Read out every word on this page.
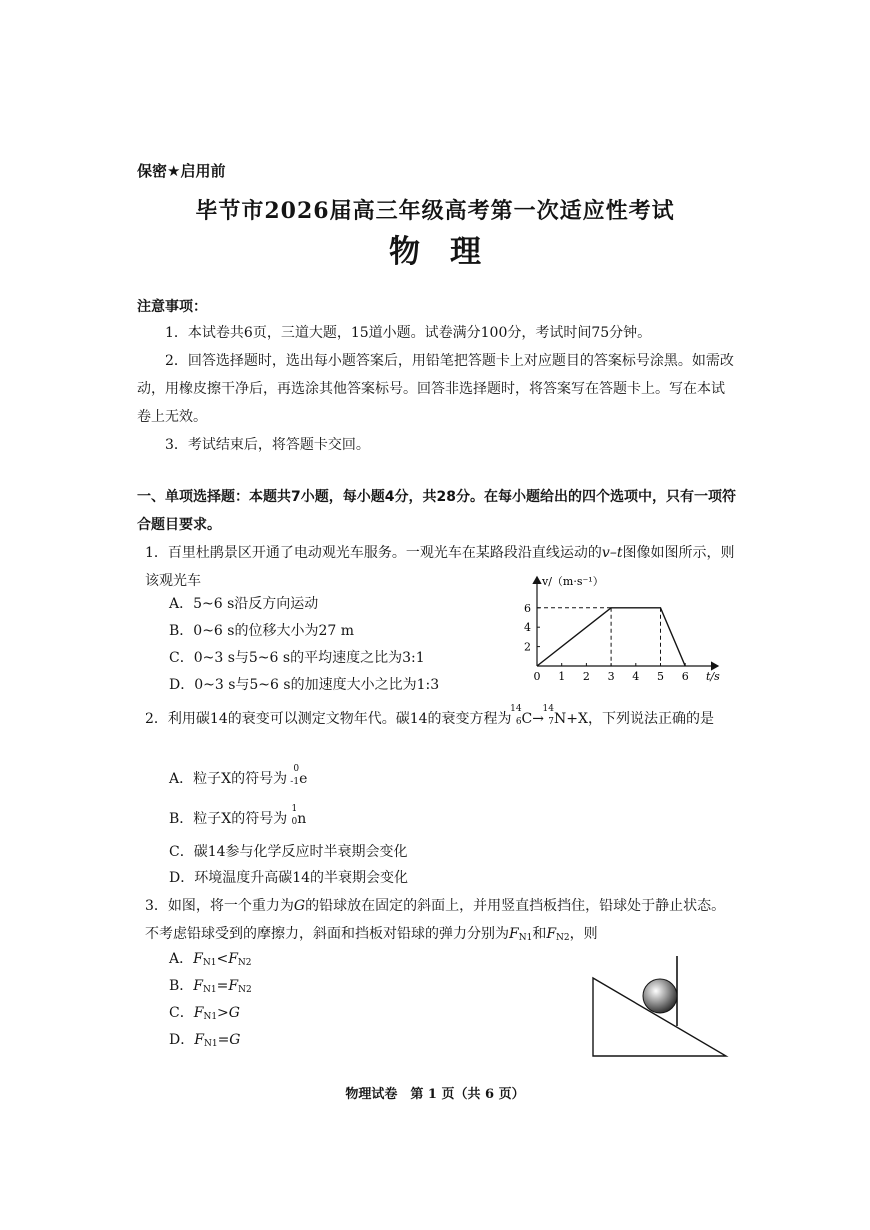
保密★启用前
毕节市2026届高三年级高考第一次适应性考试
物理
注意事项：
1．本试卷共6页，三道大题，15道小题。试卷满分100分，考试时间75分钟。
2．回答选择题时，选出每小题答案后，用铅笔把答题卡上对应题目的答案标号涂黑。如需改动，用橡皮擦干净后，再选涂其他答案标号。回答非选择题时，将答案写在答题卡上。写在本试卷上无效。
3．考试结束后，将答题卡交回。
一、单项选择题：本题共7小题，每小题4分，共28分。在每小题给出的四个选项中，只有一项符合题目要求。
1．百里杜鹃景区开通了电动观光车服务。一观光车在某路段沿直线运动的v–t图像如图所示，则该观光车
A．5~6 s沿反方向运动
B．0~6 s的位移大小为27 m
C．0~3 s与5~6 s的平均速度之比为3:1
D．0~3 s与5~6 s的加速度大小之比为1:3
0 1 2 3 4 5 6
2
4
6
v/（m·s⁻¹）
t/s
2．利用碳14的衰变可以测定文物年代。碳14的衰变方程为
14
6 C→
14
7 N+X，下列说法正确的是
A．粒子X的符号为
0
-1 e
B．粒子X的符号为
1
0 n
C．碳14参与化学反应时半衰期会变化
D．环境温度升高碳14的半衰期会变化
3．如图，将一个重力为G的铅球放在固定的斜面上，并用竖直挡板挡住，铅球处于静止状态。不考虑铅球受到的摩擦力，斜面和挡板对铅球的弹力分别为$F_{N1}$和$F_{N2}$，则
A．$F_{N1}<F_{N2}$
B．$F_{N1}=F_{N2}$
C．$F_{N1}>G$
D．$F_{N1}=G$
物理试卷　第 1 页（共 6 页）
